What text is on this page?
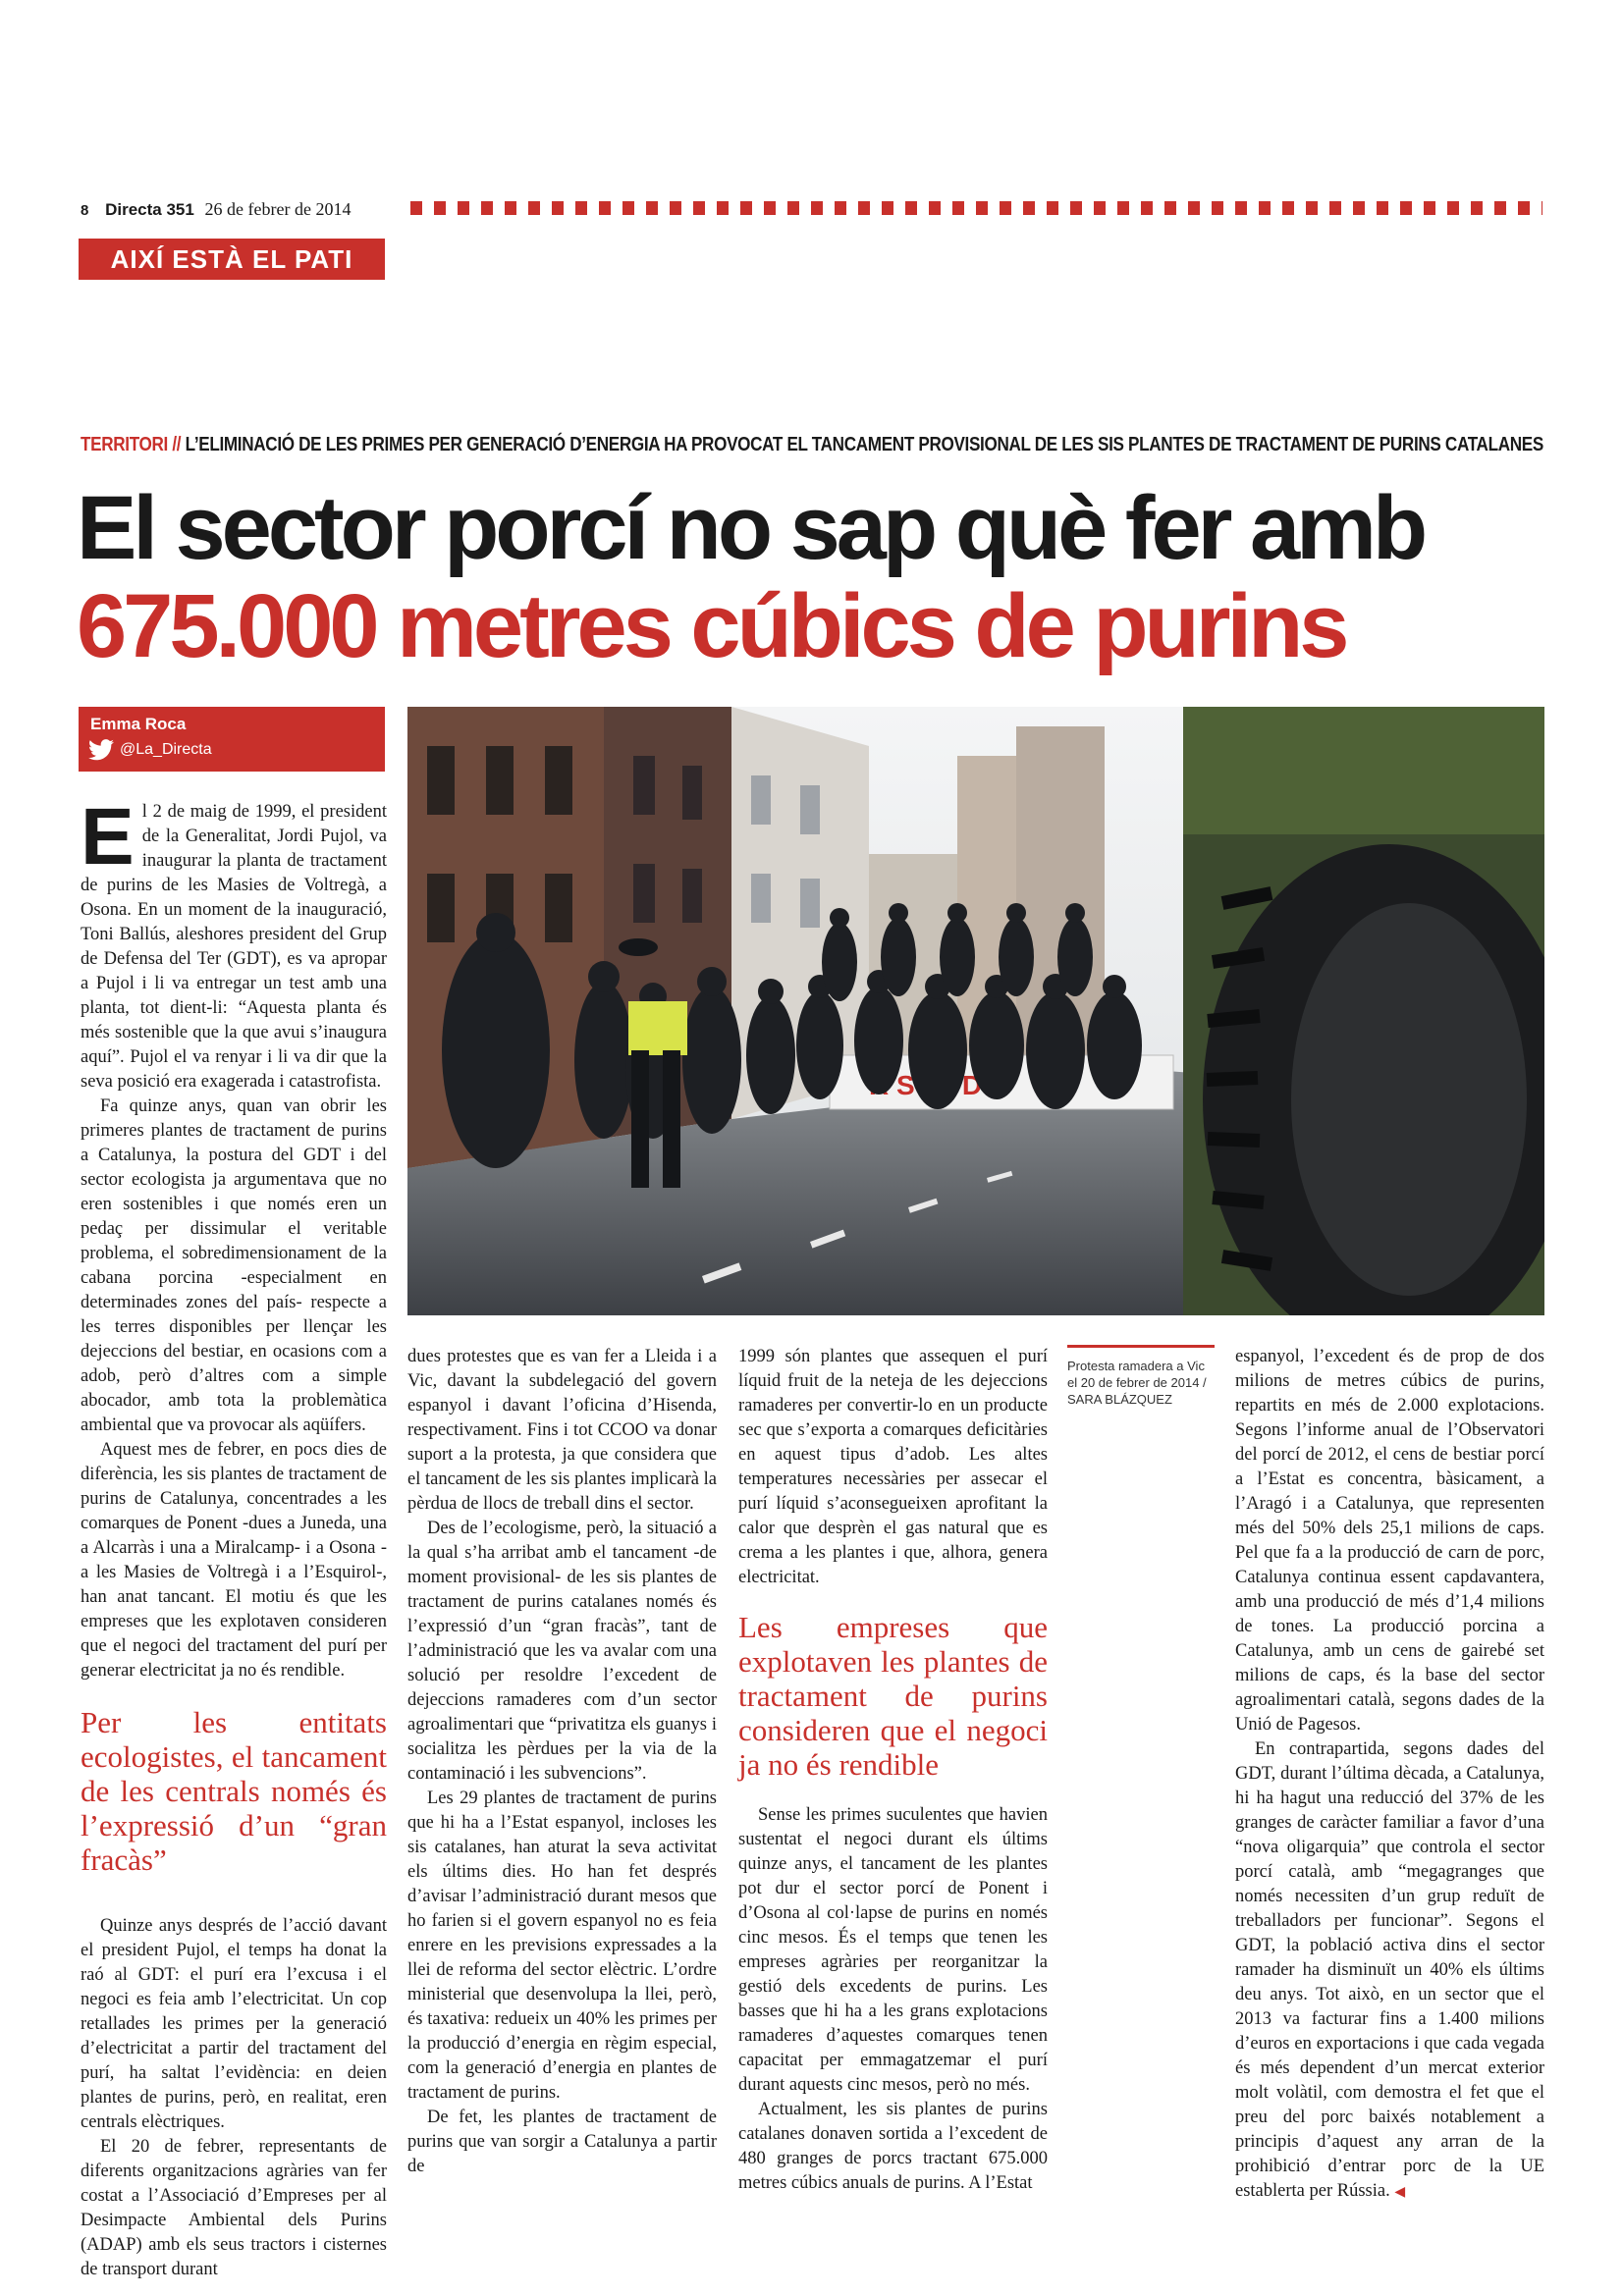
8 Directa 351 26 de febrer de 2014
AIXÍ ESTÀ EL PATI
TERRITORI // L’ELIMINACIÓ DE LES PRIMES PER GENERACIÓ D’ENERGIA HA PROVOCAT EL TANCAMENT PROVISIONAL DE LES SIS PLANTES DE TRACTAMENT DE PURINS CATALANES
El sector porcí no sap què fer amb
675.000 metres cúbics de purins
Emma Roca
@La_Directa
D
Protesta ramadera a Vic el 20 de febrer de 2014 / SARA BLÁZQUEZ

El 2 de maig de 1999, el president de la Generalitat, Jordi Pujol, va inaugurar la planta de tractament de purins de les Masies de Voltregà, a Osona. En un moment de la inauguració, Toni Ballús, aleshores president del Grup de Defensa del Ter (GDT), es va apropar a Pujol i li va entregar un test amb una planta, tot dient-li: “Aquesta planta és més sostenible que la que avui s’inaugura aquí”. Pujol el va renyar i li va dir que la seva posició era exagerada i catastrofista.

Fa quinze anys, quan van obrir les primeres plantes de tractament de purins a Catalunya, la postura del GDT i del sector ecologista ja argumentava que no eren sostenibles i que només eren un pedaç per dissimular el veritable problema, el sobredimensionament de la cabana porcina -especialment en determinades zones del país- respecte a les terres disponibles per llençar les dejeccions del bestiar, en ocasions com a adob, però d’altres com a simple abocador, amb tota la problemàtica ambiental que va provocar als aqüífers.

Aquest mes de febrer, en pocs dies de diferència, les sis plantes de tractament de purins de Catalunya, concentrades a les comarques de Ponent -dues a Juneda, una a Alcarràs i una a Miralcamp- i a Osona -a les Masies de Voltregà i a l’Esquirol-, han anat tancant. El motiu és que les empreses que les explotaven consideren que el negoci del tractament del purí per generar electricitat ja no és rendible.

Per les entitats ecologistes, el tancament de les centrals només és l’expressió d’un “gran fracàs”

Quinze anys després de l’acció davant el president Pujol, el temps ha donat la raó al GDT: el purí era l’excusa i el negoci es feia amb l’electricitat. Un cop retallades les primes per la generació d’electricitat a partir del tractament del purí, ha saltat l’evidència: en deien plantes de purins, però, en realitat, eren centrals elèctriques.

El 20 de febrer, representants de diferents organitzacions agràries van fer costat a l’Associació d’Empreses per al Desimpacte Ambiental dels Purins (ADAP) amb els seus tractors i cisternes de transport durant

dues protestes que es van fer a Lleida i a Vic, davant la subdelegació del govern espanyol i davant l’oficina d’Hisenda, respectivament. Fins i tot CCOO va donar suport a la protesta, ja que considera que el tancament de les sis plantes implicarà la pèrdua de llocs de treball dins el sector.

Des de l’ecologisme, però, la situació a la qual s’ha arribat amb el tancament -de moment provisional- de les sis plantes de tractament de purins catalanes només és l’expressió d’un “gran fracàs”, tant de l’administració que les va avalar com una solució per resoldre l’excedent de dejeccions ramaderes com d’un sector agroalimentari que “privatitza els guanys i socialitza les pèrdues per la via de la contaminació i les subvencions”.

Les 29 plantes de tractament de purins que hi ha a l’Estat espanyol, incloses les sis catalanes, han aturat la seva activitat els últims dies. Ho han fet després d’avisar l’administració durant mesos que ho farien si el govern espanyol no es feia enrere en les previsions expressades a la llei de reforma del sector elèctric. L’ordre ministerial que desenvolupa la llei, però, és taxativa: redueix un 40% les primes per la producció d’energia en règim especial, com la generació d’energia en plantes de tractament de purins.

De fet, les plantes de tractament de purins que van sorgir a Catalunya a partir de

1999 són plantes que assequen el purí líquid fruit de la neteja de les dejeccions ramaderes per convertir-lo en un producte sec que s’exporta a comarques deficitàries en aquest tipus d’adob. Les altes temperatures necessàries per assecar el purí líquid s’aconsegueixen aprofitant la calor que desprèn el gas natural que es crema a les plantes i que, alhora, genera electricitat.

Les empreses que explotaven les plantes de tractament de purins consideren que el negoci ja no és rendible

Sense les primes suculentes que havien sustentat el negoci durant els últims quinze anys, el tancament de les plantes pot dur el sector porcí de Ponent i d’Osona al col·lapse de purins en només cinc mesos. És el temps que tenen les empreses agràries per reorganitzar la gestió dels excedents de purins. Les basses que hi ha a les grans explotacions ramaderes d’aquestes comarques tenen capacitat per emmagatzemar el purí durant aquests cinc mesos, però no més.

Actualment, les sis plantes de purins catalanes donaven sortida a l’excedent de 480 granges de porcs tractant 675.000 metres cúbics anuals de purins. A l’Estat

espanyol, l’excedent és de prop de dos milions de metres cúbics de purins, repartits en més de 2.000 explotacions. Segons l’informe anual de l’Observatori del porcí de 2012, el cens de bestiar porcí a l’Estat es concentra, bàsicament, a l’Aragó i a Catalunya, que representen més del 50% dels 25,1 milions de caps. Pel que fa a la producció de carn de porc, Catalunya continua essent capdavantera, amb una producció de més d’1,4 milions de tones. La producció porcina a Catalunya, amb un cens de gairebé set milions de caps, és la base del sector agroalimentari català, segons dades de la Unió de Pagesos.

En contrapartida, segons dades del GDT, durant l’última dècada, a Catalunya, hi ha hagut una reducció del 37% de les granges de caràcter familiar a favor d’una “nova oligarquia” que controla el sector porcí català, amb “megagranges que només necessiten d’un grup reduït de treballadors per funcionar”. Segons el GDT, la població activa dins el sector ramader ha disminuït un 40% els últims deu anys. Tot això, en un sector que el 2013 va facturar fins a 1.400 milions d’euros en exportacions i que cada vegada és més dependent d’un mercat exterior molt volàtil, com demostra el fet que el preu del porc baixés notablement a principis d’aquest any arran de la prohibició d’entrar porc de la UE establerta per Rússia. ◀
